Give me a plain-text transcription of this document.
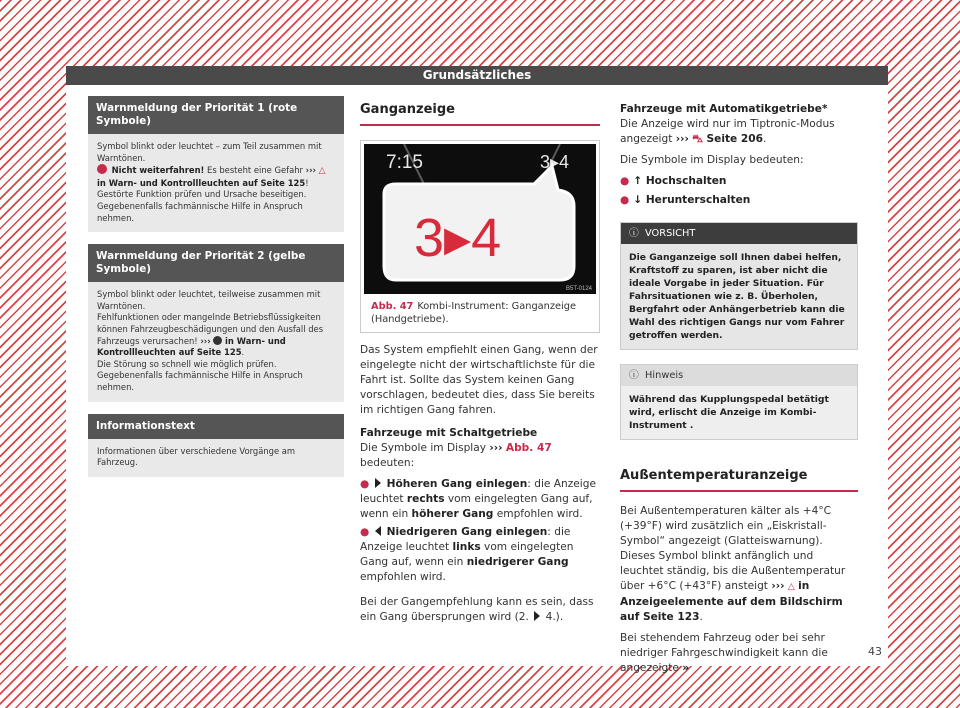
Grundsätzliches
Warnmeldung der Priorität 1 (rote Symbole)
Symbol blinkt oder leuchtet – zum Teil zusammen mit Warntönen.
Nicht weiterfahren! Es besteht eine Gefahr ››› △ in Warn- und Kontrollleuchten auf Seite 125!
Gestörte Funktion prüfen und Ursache beseitigen. Gegebenenfalls fachmännische Hilfe in Anspruch nehmen.
Warnmeldung der Priorität 2 (gelbe Symbole)
Symbol blinkt oder leuchtet, teilweise zusammen mit Warntönen.
Fehlfunktionen oder mangelnde Betriebsflüssigkeiten können Fahrzeugbeschädigungen und den Ausfall des Fahrzeugs verursachen! ››› in Warn- und Kontrollleuchten auf Seite 125.
Die Störung so schnell wie möglich prüfen. Gegebenenfalls fachmännische Hilfe in Anspruch nehmen.
Informationstext
Informationen über verschiedene Vorgänge am Fahrzeug.
Ganganzeige
7:15	3▸4
3▸4
B5T-0124
Abb. 47 Kombi-Instrument: Ganganzeige (Handgetriebe).
Das System empfiehlt einen Gang, wenn der eingelegte nicht der wirtschaftlichste für die Fahrt ist. Sollte das System keinen Gang vorschlagen, bedeutet dies, dass Sie bereits im richtigen Gang fahren.
Fahrzeuge mit Schaltgetriebe
Die Symbole im Display ››› Abb. 47 bedeuten:
● Höheren Gang einlegen: die Anzeige leuchtet rechts vom eingelegten Gang auf, wenn ein höherer Gang empfohlen wird.
● Niedrigeren Gang einlegen: die Anzeige leuchtet links vom eingelegten Gang auf, wenn ein niedrigerer Gang empfohlen wird.
Bei der Gangempfehlung kann es sein, dass ein Gang übersprungen wird (2. 4.).
Fahrzeuge mit Automatikgetriebe*
Die Anzeige wird nur im Tiptronic-Modus angezeigt ››› ⛍ Seite 206.
Die Symbole im Display bedeuten:
● ↑ Hochschalten
● ↓ Herunterschalten
ⓘ VORSICHT
Die Ganganzeige soll Ihnen dabei helfen, Kraftstoff zu sparen, ist aber nicht die ideale Vorgabe in jeder Situation. Für Fahrsituationen wie z. B. Überholen, Bergfahrt oder Anhängerbetrieb kann die Wahl des richtigen Gangs nur vom Fahrer getroffen werden.
ⓘ Hinweis
Während das Kupplungspedal betätigt wird, erlischt die Anzeige im Kombi-Instrument .
Außentemperaturanzeige
Bei Außentemperaturen kälter als +4°C (+39°F) wird zusätzlich ein „Eiskristall-Symbol“ angezeigt (Glatteiswarnung). Dieses Symbol blinkt anfänglich und leuchtet ständig, bis die Außentemperatur über +6°C (+43°F) ansteigt ››› △ in Anzeigeelemente auf dem Bildschirm auf Seite 123.
Bei stehendem Fahrzeug oder bei sehr niedriger Fahrgeschwindigkeit kann die angezeigte »
43
